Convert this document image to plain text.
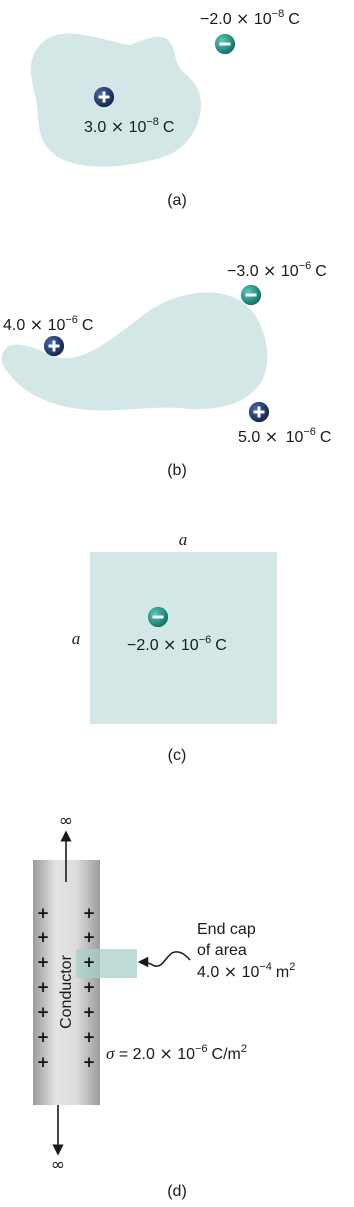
$3.0 \times 10^{-8}$ C
$-2.0 \times 10^{-8}$ C
(a)
$4.0 \times 10^{-6}$ C
$-3.0 \times 10^{-6}$ C
$5.0 \times 10^{-6}$ C
(b)
a
a	$-2.0 \times 10^{-6}$ C
(c)
+
+
+
+
+
+
+
+
+
+
+
+
+
+
Conductor
∞
∞
End cap
of area
$4.0 \times 10^{-4}$ $m^2$
$\sigma = 2.0 \times 10^{-6}$ $C/m^2$
(d)
